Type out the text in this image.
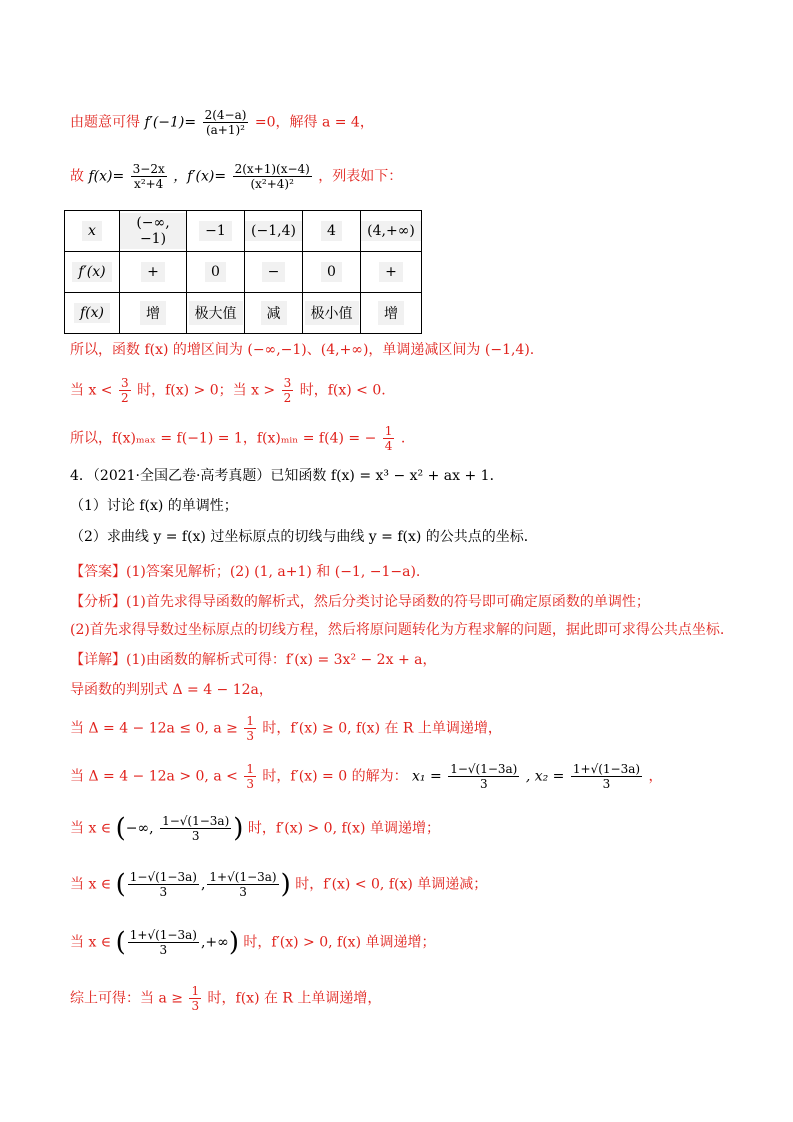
由题意可得 $f'(-1)= \frac{2(4-a)}{\text{(a+1)²}} =0$，解得 a = 4，
故 $f(x)= \frac{3-2x}{\text{x²+4}}$ ，$f'(x)= \frac{2(x+1)(x-4)}{\text{(x²+4)²}}$ ，列表如下：
x	(−∞,−1)	−1	(−1,4)	4	(4,+∞)
f′(x)	+	0	−	0	+
f(x)	增	极大值	减	极小值	增
所以，函数 f(x) 的增区间为 (−∞,−1)、(4,+∞)，单调递减区间为 (−1,4).
当 $x < \frac{3}{2}$ 时，f(x) > 0；当 $x > \frac{3}{2}$ 时，f(x) < 0.
所以，f(x)ₘₐₓ = f(−1) = 1，f(x)ₘᵢₙ = f(4) = − $\frac{1}{4}$ .
4．（2021·全国乙卷·高考真题）已知函数 f(x) = x³ − x² + ax + 1．
（1）讨论 f(x) 的单调性；
（2）求曲线 y = f(x) 过坐标原点的切线与曲线 y = f(x) 的公共点的坐标．
【答案】(1)答案见解析；(2) (1, a+1) 和 (−1, −1−a).
【分析】(1)首先求得导函数的解析式，然后分类讨论导函数的符号即可确定原函数的单调性；
(2)首先求得导数过坐标原点的切线方程，然后将原问题转化为方程求解的问题，据此即可求得公共点坐标.
【详解】(1)由函数的解析式可得：f′(x) = 3x² − 2x + a，
导函数的判别式 Δ = 4 − 12a，
当 Δ = 4 − 12a ≤ 0, $a \ge \frac{1}{3}$ 时，f′(x) ≥ 0, f(x) 在 R 上单调递增，
当 Δ = 4 − 12a > 0, $a < \frac{1}{3}$ 时，f′(x) = 0 的解为： $x_1 = \frac{1-√(1-3a)}{3}$ , $x_2 = \frac{1+√(1-3a)}{3}$ ，
当 x ∈ (−∞, $\frac{1-√(1-3a)}{3}$ ) 时，f′(x) > 0, f(x) 单调递增；
当 x ∈ ( $\frac{1-√(1-3a)}{3}$ , $\frac{1+√(1-3a)}{3}$ ) 时，f′(x) < 0, f(x) 单调递减；
当 x ∈ ( $\frac{1+√(1-3a)}{3}$ ,+∞) 时，f′(x) > 0, f(x) 单调递增；
综上可得：当 $a \ge \frac{1}{3}$ 时，f(x) 在 R 上单调递增，
